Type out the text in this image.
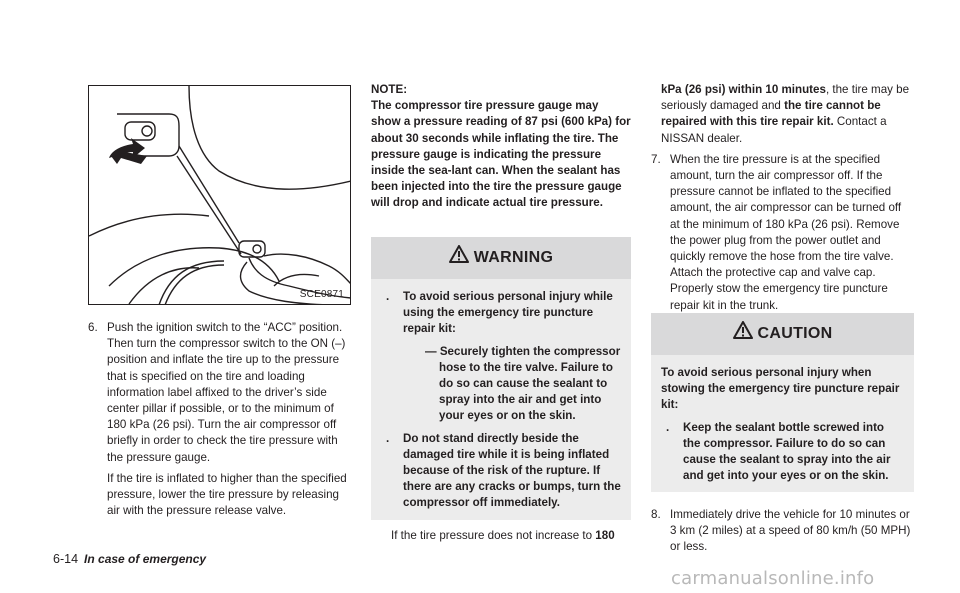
SCE0871
6. Push the ignition switch to the “ACC” position. Then turn the compressor switch to the ON (–) position and inflate the tire up to the pressure that is specified on the tire and loading information label affixed to the driver’s side center pillar if possible, or to the minimum of 180 kPa (26 psi). Turn the air compressor off briefly in order to check the tire pressure with the pressure gauge.

If the tire is inflated to higher than the specified pressure, lower the tire pressure by releasing air with the pressure release valve.

NOTE:

The compressor tire pressure gauge may show a pressure reading of 87 psi (600 kPa) for about 30 seconds while inflating the tire. The pressure gauge is indicating the pressure inside the sea-lant can. When the sealant has been injected into the tire the pressure gauge will drop and indicate actual tire pressure.

WARNING
. To avoid serious personal injury while using the emergency tire puncture repair kit:

— Securely tighten the compressor hose to the tire valve. Failure to do so can cause the sealant to spray into the air and get into your eyes or on the skin.

. Do not stand directly beside the damaged tire while it is being inflated because of the risk of the rupture. If there are any cracks or bumps, turn the compressor off immediately.

If the tire pressure does not increase to 180

kPa (26 psi) within 10 minutes, the tire may be seriously damaged and the tire cannot be repaired with this tire repair kit. Contact a NISSAN dealer.

7. When the tire pressure is at the specified amount, turn the air compressor off. If the pressure cannot be inflated to the specified amount, the air compressor can be turned off at the minimum of 180 kPa (26 psi). Remove the power plug from the power outlet and quickly remove the hose from the tire valve. Attach the protective cap and valve cap. Properly stow the emergency tire puncture repair kit in the trunk.

CAUTION

To avoid serious personal injury when stowing the emergency tire puncture repair kit:

. Keep the sealant bottle screwed into the compressor. Failure to do so can cause the sealant to spray into the air and get into your eyes or on the skin.

8. Immediately drive the vehicle for 10 minutes or 3 km (2 miles) at a speed of 80 km/h (50 MPH) or less.

6-14 In case of emergency
carmanualsonline.info
